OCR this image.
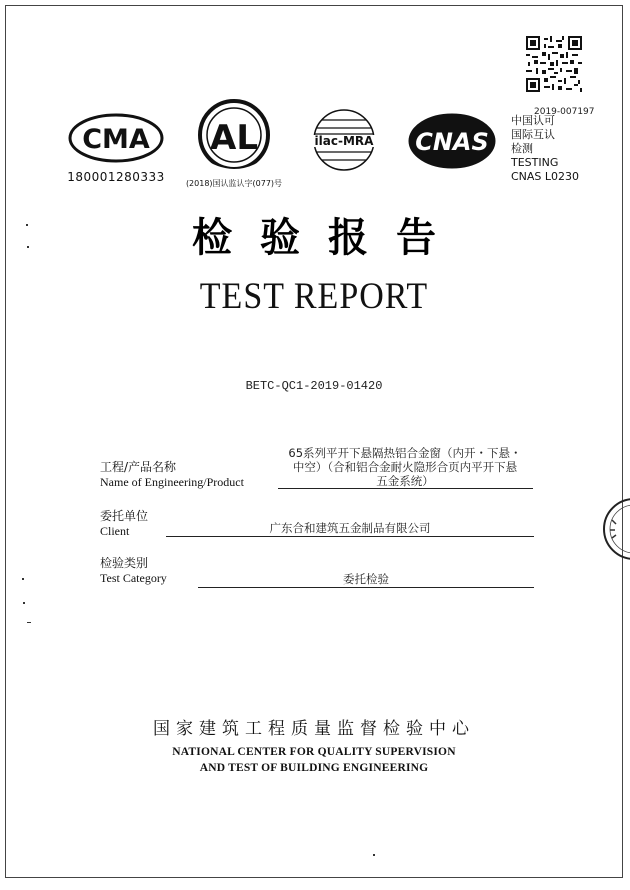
2019-007197
CMA
180001280333
AL
(2018)国认监认字(077)号
ilac-MRA CNAS
中国认可
国际互认
检测
TESTING
CNAS L0230
检验报告
TEST REPORT
BETC-QC1-2019-01420
工程/产品名称
Name of Engineering/Product
65系列平开下悬隔热铝合金窗（内开・下悬・
中空）（合和铝合金耐火隐形合页内平开下悬
五金系统）
委托单位
Client	广东合和建筑五金制品有限公司
检验类别
Test Category	委托检验
国家建筑工程质量监督检验中心
NATIONAL CENTER FOR QUALITY SUPERVISION
AND TEST OF BUILDING ENGINEERING
